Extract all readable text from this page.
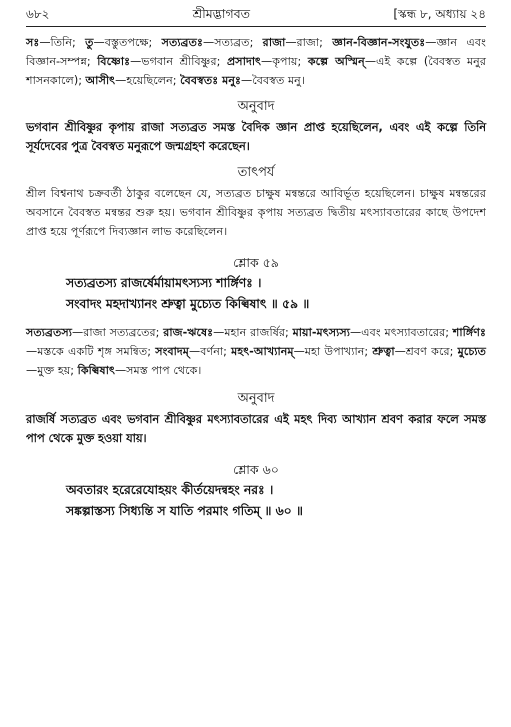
৬৮২	শ্রীমদ্ভাগবত	[স্কন্ধ ৮, অধ্যায় ২৪

সঃ—তিনি; তু—বস্তুতপক্ষে; সত্যব্রতঃ—সত্যব্রত; রাজা—রাজা; জ্ঞান-বিজ্ঞান-সংযুতঃ—জ্ঞান এবং বিজ্ঞান-সম্পন্ন; বিষ্ণোঃ—ভগবান শ্রীবিষ্ণুর; প্রসাদাৎ—কৃপায়; কল্পে অস্মিন্—এই কল্পে (বৈবস্বত মনুর শাসনকালে); আসীৎ—হয়েছিলেন; বৈবস্বতঃ মনুঃ—বৈবস্বত মনু।

অনুবাদ

ভগবান শ্রীবিষ্ণুর কৃপায় রাজা সত্যব্রত সমস্ত বৈদিক জ্ঞান প্রাপ্ত হয়েছিলেন, এবং এই কল্পে তিনি সূর্যদেবের পুত্র বৈবস্বত মনুরূপে জন্মগ্রহণ করেছেন।

তাৎপর্য

শ্রীল বিশ্বনাথ চক্রবর্তী ঠাকুর বলেছেন যে, সত্যব্রত চাক্ষুষ মন্বন্তরে আবির্ভূত হয়েছিলেন। চাক্ষুষ মন্বন্তরের অবসানে বৈবস্বত মন্বন্তর শুরু হয়। ভগবান শ্রীবিষ্ণুর কৃপায় সত্যব্রত দ্বিতীয় মৎস্যাবতারের কাছে উপদেশ প্রাপ্ত হয়ে পূর্ণরূপে দিব্যজ্ঞান লাভ করেছিলেন।

শ্লোক ৫৯

সত্যব্রতস্য রাজর্ষের্মায়ামৎস্যস্য শার্ঙ্গিণঃ ।

সংবাদং মহদাখ্যানং শ্রুত্বা মুচ্যেত কিল্বিষাৎ ॥ ৫৯ ॥

সত্যব্রতস্য—রাজা সত্যব্রতের; রাজ-ঋষেঃ—মহান রাজর্ষির; মায়া-মৎস্যস্য—এবং মৎস্যাবতারের; শার্ঙ্গিণঃ—মস্তকে একটি শৃঙ্গ সমন্বিত; সংবাদম্—বর্ণনা; মহৎ-আখ্যানম্—মহা উপাখ্যান; শ্রুত্বা—শ্রবণ করে; মুচ্যেত—মুক্ত হয়; কিল্বিষাৎ—সমস্ত পাপ থেকে।

অনুবাদ

রাজর্ষি সত্যব্রত এবং ভগবান শ্রীবিষ্ণুর মৎস্যাবতারের এই মহৎ দিব্য আখ্যান শ্রবণ করার ফলে সমস্ত পাপ থেকে মুক্ত হওয়া যায়।

শ্লোক ৬০

অবতারং হরেরেযোহয়ং কীর্তয়েদন্বহং নরঃ ।

সঙ্কল্পাস্তস্য সিধ্যন্তি স যাতি পরমাং গতিম্ ॥ ৬০ ॥
